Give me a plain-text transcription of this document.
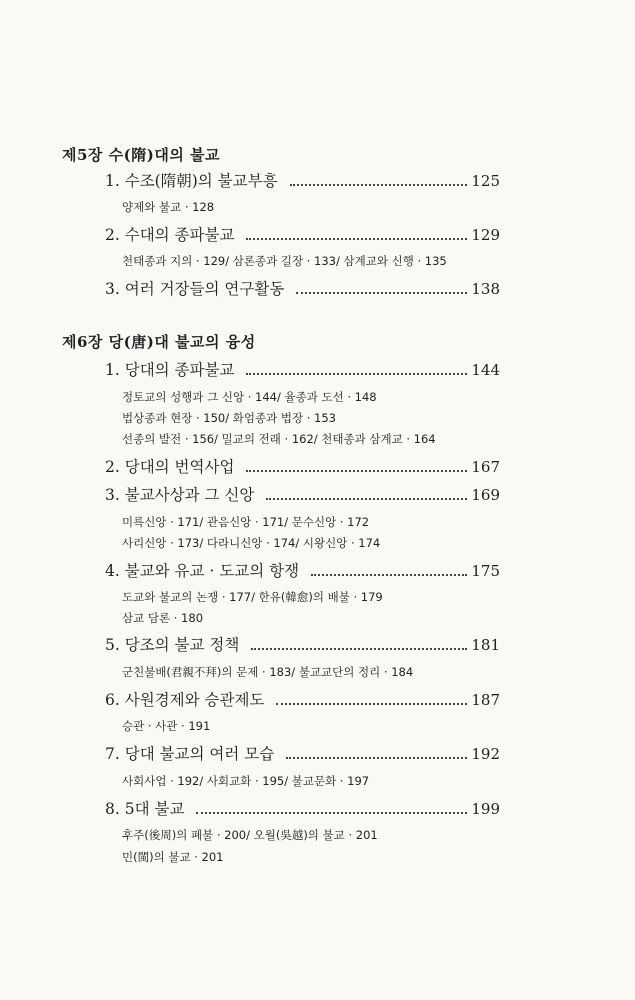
제5장 수(隋)대의 불교
1. 수조(隋朝)의 불교부흥	125
양제와 불교 · 128
2. 수대의 종파불교	129
천태종과 지의 · 129/ 삼론종과 길장 · 133/ 삼계교와 신행 · 135
3. 여러 거장들의 연구활동	138
제6장 당(唐)대 불교의 융성
1. 당대의 종파불교	144
정토교의 성행과 그 신앙 · 144/ 율종과 도선 · 148
법상종과 현장 · 150/ 화엄종과 법장 · 153
선종의 발전 · 156/ 밀교의 전래 · 162/ 천태종과 삼계교 · 164
2. 당대의 번역사업	167
3. 불교사상과 그 신앙	169
미륵신앙 · 171/ 관음신앙 · 171/ 문수신앙 · 172
사리신앙 · 173/ 다라니신앙 · 174/ 시왕신앙 · 174
4. 불교와 유교 · 도교의 항쟁	175
도교와 불교의 논쟁 · 177/ 한유(韓愈)의 배불 · 179
삼교 담론 · 180
5. 당조의 불교 정책	181
군친불배(君親不拜)의 문제 · 183/ 불교교단의 정리 · 184
6. 사원경제와 승관제도	187
승관 · 사관 · 191
7. 당대 불교의 여러 모습	192
사회사업 · 192/ 사회교화 · 195/ 불교문화 · 197
8. 5대 불교	199
후주(後周)의 폐불 · 200/ 오월(吳越)의 불교 · 201
민(閩)의 불교 · 201
